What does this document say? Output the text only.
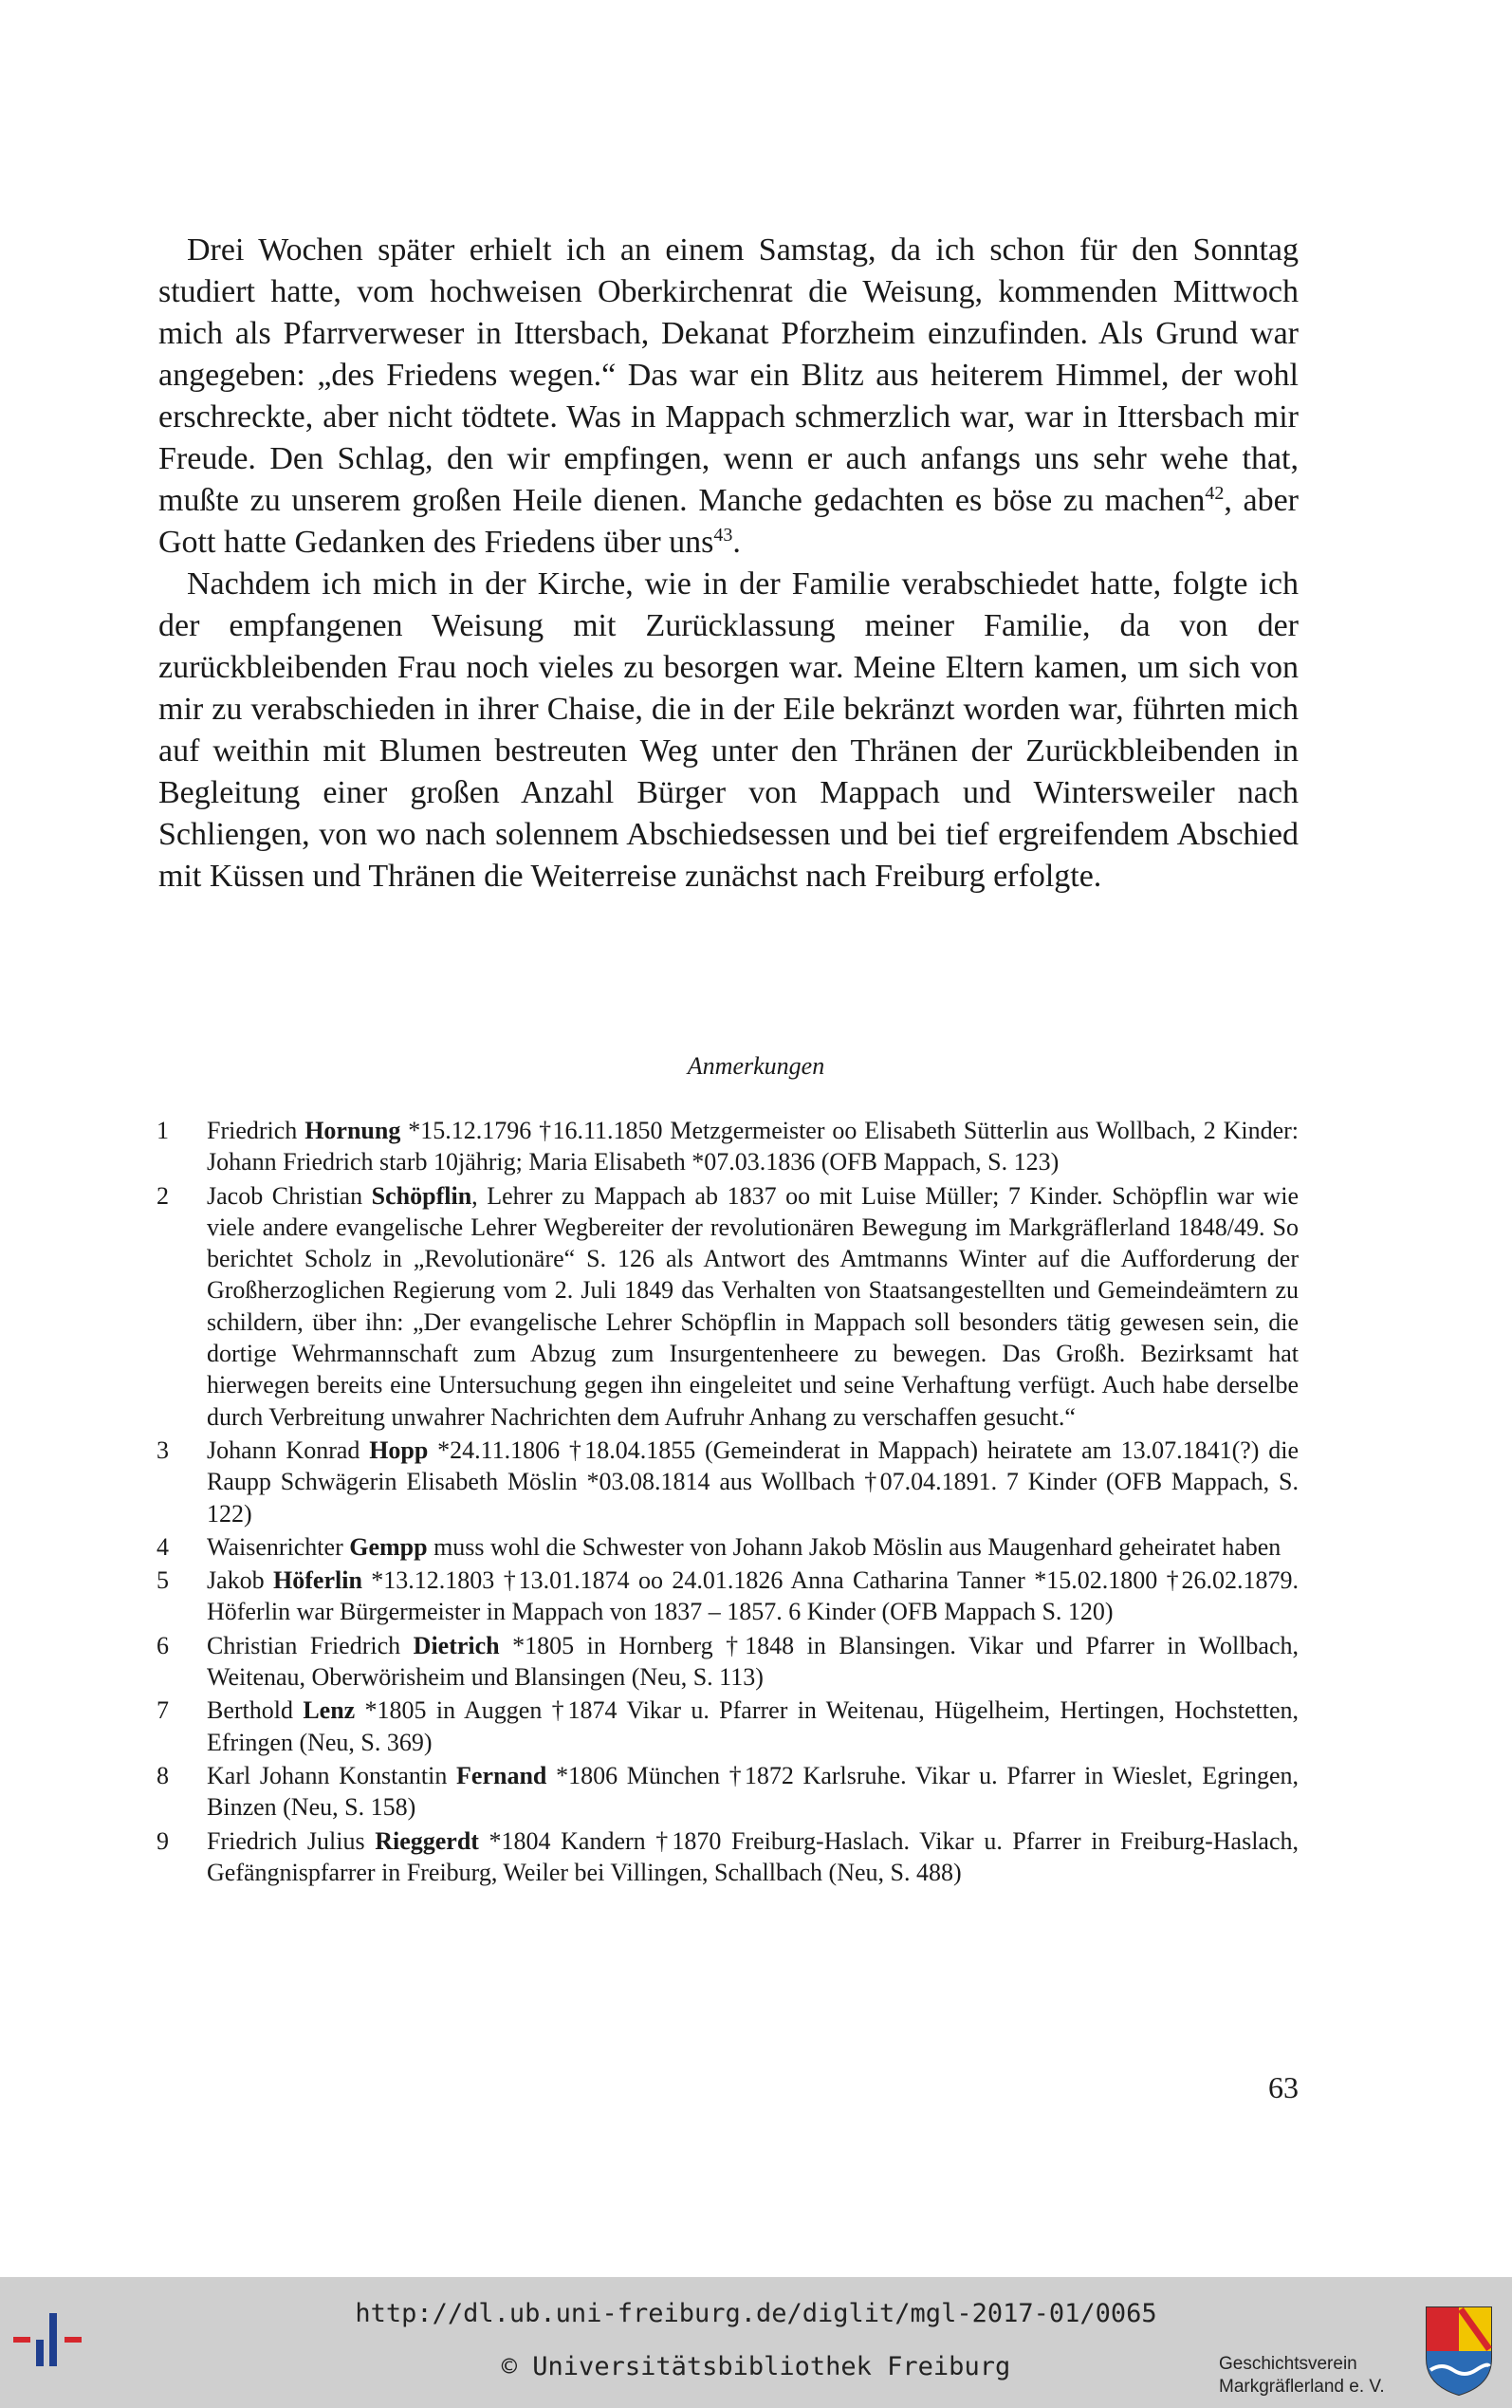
Drei Wochen später erhielt ich an einem Samstag, da ich schon für den Sonntag studiert hatte, vom hochweisen Oberkirchenrat die Weisung, kommenden Mittwoch mich als Pfarrverweser in Ittersbach, Dekanat Pforzheim einzufinden. Als Grund war angegeben: „des Friedens wegen.“ Das war ein Blitz aus heiterem Himmel, der wohl erschreckte, aber nicht tödtete. Was in Mappach schmerzlich war, war in Ittersbach mir Freude. Den Schlag, den wir empfingen, wenn er auch anfangs uns sehr wehe that, mußte zu unserem großen Heile dienen. Manche gedachten es böse zu machen$^{42}$, aber Gott hatte Gedanken des Friedens über uns$^{43}$.

Nachdem ich mich in der Kirche, wie in der Familie verabschiedet hatte, folgte ich der empfangenen Weisung mit Zurücklassung meiner Familie, da von der zurückbleibenden Frau noch vieles zu besorgen war. Meine Eltern kamen, um sich von mir zu verabschieden in ihrer Chaise, die in der Eile bekränzt worden war, führten mich auf weithin mit Blumen bestreuten Weg unter den Thränen der Zurückbleibenden in Begleitung einer großen Anzahl Bürger von Mappach und Wintersweiler nach Schliengen, von wo nach solennem Abschiedsessen und bei tief ergreifendem Abschied mit Küssen und Thränen die Weiterreise zunächst nach Freiburg erfolgte.

Anmerkungen
1	Friedrich Hornung *15.12.1796 †16.11.1850 Metzgermeister oo Elisabeth Sütterlin aus Wollbach, 2 Kinder: Johann Friedrich starb 10jährig; Maria Elisabeth *07.03.1836 (OFB Mappach, S. 123)
2	Jacob Christian Schöpflin, Lehrer zu Mappach ab 1837 oo mit Luise Müller; 7 Kinder. Schöpflin war wie viele andere evangelische Lehrer Wegbereiter der revolutionären Bewegung im Markgräflerland 1848/49. So berichtet Scholz in „Revolutionäre“ S. 126 als Antwort des Amtmanns Winter auf die Aufforderung der Großherzoglichen Regierung vom 2. Juli 1849 das Verhalten von Staatsangestellten und Gemeindeämtern zu schildern, über ihn: „Der evangelische Lehrer Schöpflin in Mappach soll besonders tätig gewesen sein, die dortige Wehrmannschaft zum Abzug zum Insurgentenheere zu bewegen. Das Großh. Bezirksamt hat hierwegen bereits eine Untersuchung gegen ihn eingeleitet und seine Verhaftung verfügt. Auch habe derselbe durch Verbreitung unwahrer Nachrichten dem Aufruhr Anhang zu verschaffen gesucht.“
3	Johann Konrad Hopp *24.11.1806 †18.04.1855 (Gemeinderat in Mappach) heiratete am 13.07.1841(?) die Raupp Schwägerin Elisabeth Möslin *03.08.1814 aus Wollbach †07.04.1891. 7 Kinder (OFB Mappach, S. 122)
4	Waisenrichter Gempp muss wohl die Schwester von Johann Jakob Möslin aus Maugenhard geheiratet haben
5	Jakob Höferlin *13.12.1803 †13.01.1874 oo 24.01.1826 Anna Catharina Tanner *15.02.1800 †26.02.1879. Höferlin war Bürgermeister in Mappach von 1837 – 1857. 6 Kinder (OFB Mappach S. 120)
6	Christian Friedrich Dietrich *1805 in Hornberg †1848 in Blansingen. Vikar und Pfarrer in Wollbach, Weitenau, Oberwörisheim und Blansingen (Neu, S. 113)
7	Berthold Lenz *1805 in Auggen †1874 Vikar u. Pfarrer in Weitenau, Hügelheim, Hertingen, Hochstetten, Efringen (Neu, S. 369)
8	Karl Johann Konstantin Fernand *1806 München †1872 Karlsruhe. Vikar u. Pfarrer in Wieslet, Egringen, Binzen (Neu, S. 158)
9	Friedrich Julius Rieggerdt *1804 Kandern †1870 Freiburg-Haslach. Vikar u. Pfarrer in Freiburg-Haslach, Gefängnispfarrer in Freiburg, Weiler bei Villingen, Schallbach (Neu, S. 488)
63
http://dl.ub.uni-freiburg.de/diglit/mgl-2017-01/0065
© Universitätsbibliothek Freiburg	Geschichtsverein
Markgräflerland e. V.
